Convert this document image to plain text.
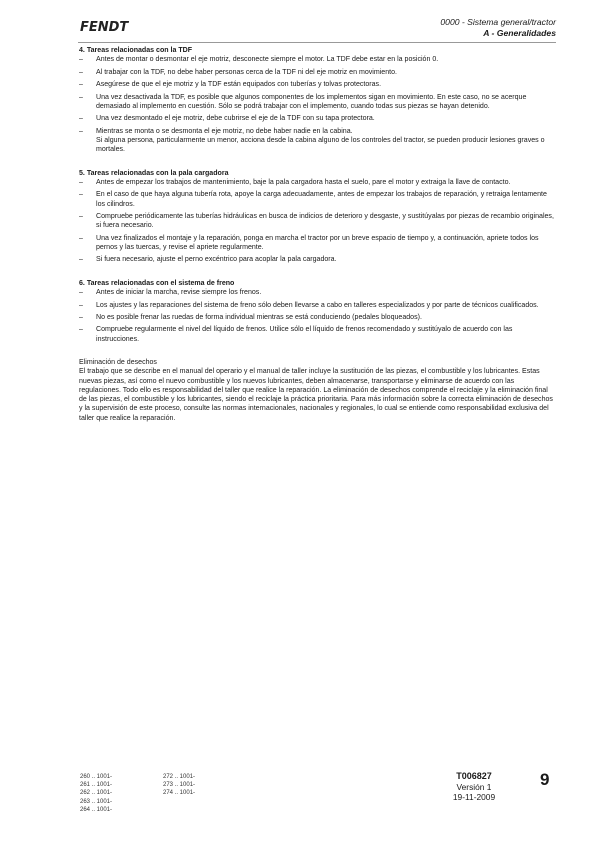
FENDT	0000 - Sistema general/tractor
A - Generalidades

4. Tareas relacionadas con la TDF

– Antes de montar o desmontar el eje motriz, desconecte siempre el motor. La TDF debe estar en la posición 0.

– Al trabajar con la TDF, no debe haber personas cerca de la TDF ni del eje motriz en movimiento.

– Asegúrese de que el eje motriz y la TDF están equipados con tuberías y tolvas protectoras.

– Una vez desactivada la TDF, es posible que algunos componentes de los implementos sigan en movimiento. En este caso, no se acerque demasiado al implemento en cuestión. Sólo se podrá trabajar con el implemento, cuando todas sus piezas se hayan detenido.

– Una vez desmontado el eje motriz, debe cubrirse el eje de la TDF con su tapa protectora.

– Mientras se monta o se desmonta el eje motriz, no debe haber nadie en la cabina.

Si alguna persona, particularmente un menor, acciona desde la cabina alguno de los controles del tractor, se pueden producir lesiones graves o mortales.

5. Tareas relacionadas con la pala cargadora

– Antes de empezar los trabajos de mantenimiento, baje la pala cargadora hasta el suelo, pare el motor y extraiga la llave de contacto.

– En el caso de que haya alguna tubería rota, apoye la carga adecuadamente, antes de empezar los trabajos de reparación, y retraiga lentamente los cilindros.

– Compruebe periódicamente las tuberías hidráulicas en busca de indicios de deterioro y desgaste, y sustitúyalas por piezas de recambio originales, si fuera necesario.

– Una vez finalizados el montaje y la reparación, ponga en marcha el tractor por un breve espacio de tiempo y, a continuación, apriete todos los pernos y las tuercas, y revise el apriete regularmente.

– Si fuera necesario, ajuste el perno excéntrico para acoplar la pala cargadora.

6. Tareas relacionadas con el sistema de freno

– Antes de iniciar la marcha, revise siempre los frenos.

– Los ajustes y las reparaciones del sistema de freno sólo deben llevarse a cabo en talleres especializados y por parte de técnicos cualificados.

– No es posible frenar las ruedas de forma individual mientras se está conduciendo (pedales bloqueados).

– Compruebe regularmente el nivel del líquido de frenos. Utilice sólo el líquido de frenos recomendado y sustitúyalo de acuerdo con las instrucciones.

Eliminación de desechos

El trabajo que se describe en el manual del operario y el manual de taller incluye la sustitución de las piezas, el combustible y los lubricantes. Estas nuevas piezas, así como el nuevo combustible y los nuevos lubricantes, deben almacenarse, transportarse y eliminarse de acuerdo con las regulaciones. Todo ello es responsabilidad del taller que realice la reparación. La eliminación de desechos comprende el reciclaje y la eliminación final de las piezas, el combustible y los lubricantes, siendo el reciclaje la práctica prioritaria. Para más información sobre la correcta eliminación de desechos y la supervisión de este proceso, consulte las normas internacionales, nacionales y regionales, lo cual se entiende como responsabilidad exclusiva del taller que realice la reparación.

260 .. 1001-
261 .. 1001-
262 .. 1001-
263 .. 1001-
264 .. 1001-
272 .. 1001-
273 .. 1001-
274 .. 1001-
T006827
Versión 1
19-11-2009
9
